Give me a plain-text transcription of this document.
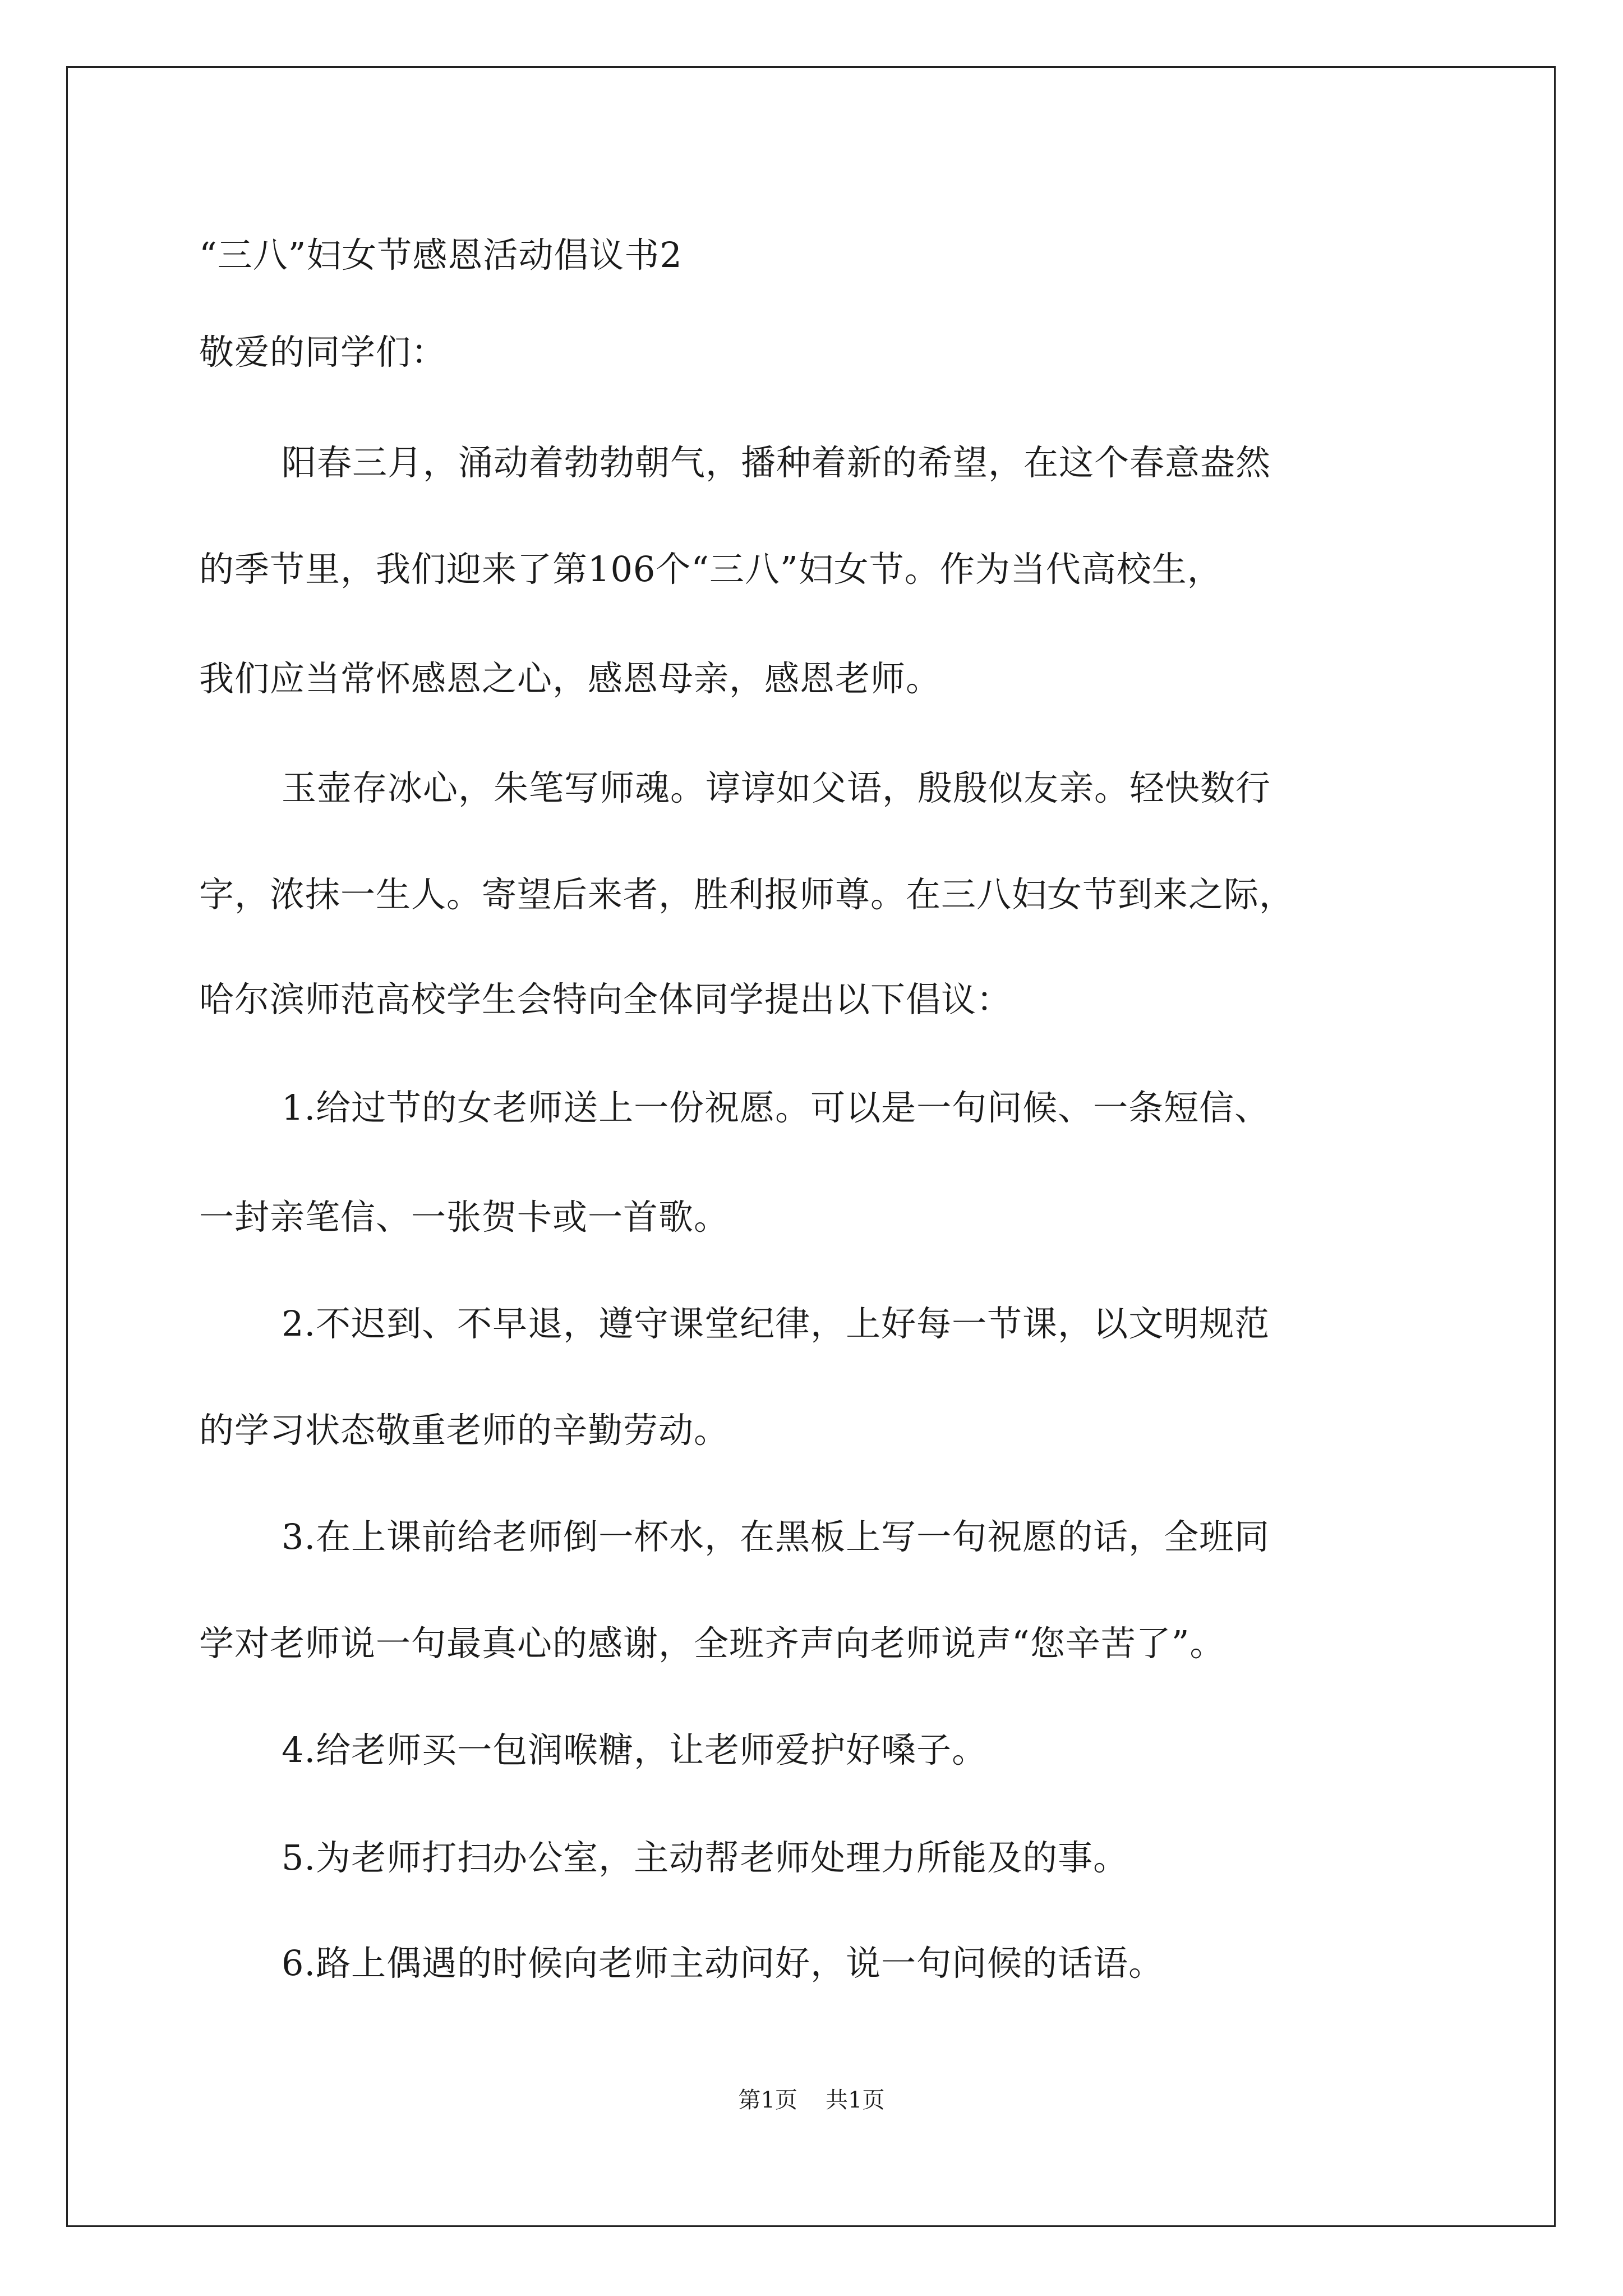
“三八”妇女节感恩活动倡议书2
敬爱的同学们：
阳春三月，涌动着勃勃朝气，播种着新的希望，在这个春意盎然
的季节里，我们迎来了第106个“三八”妇女节。作为当代高校生，
我们应当常怀感恩之心，感恩母亲，感恩老师。
玉壶存冰心，朱笔写师魂。谆谆如父语，殷殷似友亲。轻快数行
字，浓抹一生人。寄望后来者，胜利报师尊。在三八妇女节到来之际，
哈尔滨师范高校学生会特向全体同学提出以下倡议：
1.给过节的女老师送上一份祝愿。可以是一句问候、一条短信、
一封亲笔信、一张贺卡或一首歌。
2.不迟到、不早退，遵守课堂纪律，上好每一节课，以文明规范
的学习状态敬重老师的辛勤劳动。
3.在上课前给老师倒一杯水，在黑板上写一句祝愿的话，全班同
学对老师说一句最真心的感谢，全班齐声向老师说声“您辛苦了”。
4.给老师买一包润喉糖，让老师爱护好嗓子。
5.为老师打扫办公室，主动帮老师处理力所能及的事。
6.路上偶遇的时候向老师主动问好，说一句问候的话语。
第1页 共1页
